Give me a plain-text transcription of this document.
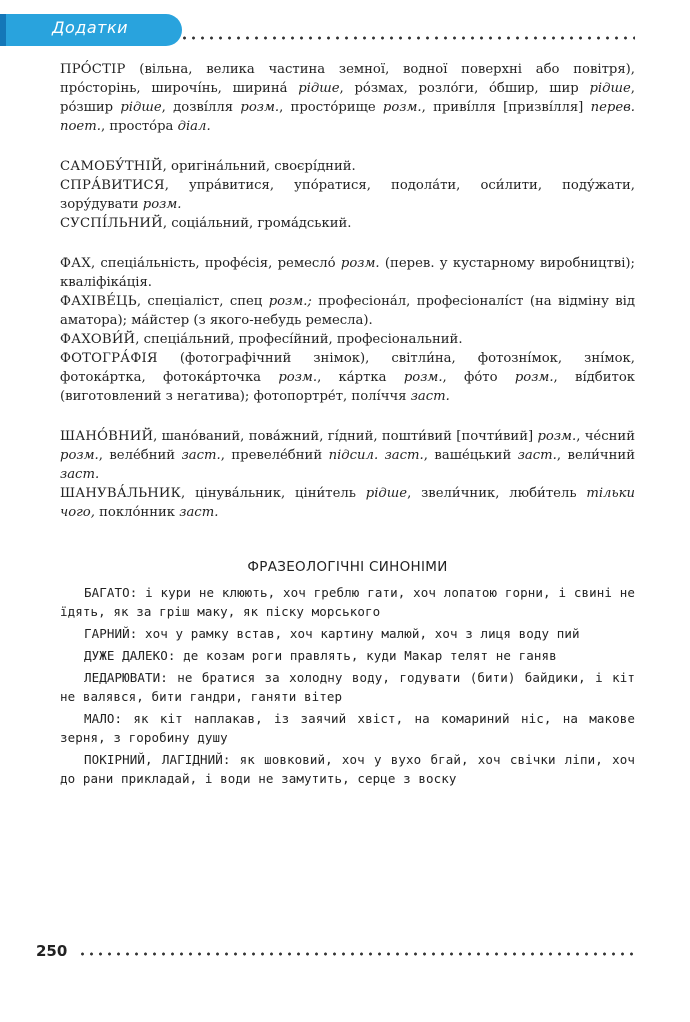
Додатки

ПРО́СТІР (вільна, велика частина земної, водної поверхні або повітря), про́сторінь, широчі́нь, ширина́ рідше, ро́змах, розло́ги, о́бшир, шир рідше, ро́зшир рідше, дозві́лля розм., просто́рище розм., приві́лля [призві́лля] перев. поет., просто́ра діал.

САМОБУ́ТНІЙ, оригіна́льний, своєрі́дний.

СПРА́ВИТИСЯ, упра́витися, упо́ратися, подола́ти, оси́лити, поду́жати, зору́дувати розм.

СУСПІ́ЛЬНИЙ, соціа́льний, грома́дський.

ФАХ, спеціа́льність, профе́сія, ремесло́ розм. (перев. у кустарному виробництві); кваліфіка́ція.

ФАХІВЕ́ЦЬ, спеціаліст, спец розм.; професіона́л, професіоналі́ст (на відміну від аматора); ма́йстер (з якого-небудь ремесла).

ФАХОВИ́Й, спеціа́льний, професі́йний, професіональний.

ФОТОГРА́ФІЯ (фотографічний знімок), світли́на, фотозні́мок, зні́мок, фотока́ртка, фотока́рточка розм., ка́ртка розм., фо́то розм., ві́дбиток (виготовлений з негатива); фотопортре́т, полі́ччя заст.

ШАНО́ВНИЙ, шано́ваний, пова́жний, гі́дний, пошти́вий [почти́вий] розм., че́сний розм., веле́бний заст., превеле́бний підсил. заст., ваше́цький заст., вели́чний заст.

ШАНУВА́ЛЬНИК, цінува́льник, ціни́тель рідше, звели́чник, люби́тель тільки чого, покло́нник заст.

ФРАЗЕОЛОГІЧНІ СИНОНІМИ

БАГАТО: і кури не клюють, хоч греблю гати, хоч лопатою горни, і свині не їдять, як за гріш маку, як піску морського

ГАРНИЙ: хоч у рамку встав, хоч картину малюй, хоч з лиця воду пий

ДУЖЕ ДАЛЕКО: де козам роги правлять, куди Макар телят не ганяв

ЛЕДАРЮВАТИ: не братися за холодну воду, годувати (бити) байдики, і кіт не валявся, бити гандри, ганяти вітер

МАЛО: як кіт наплакав, із заячий хвіст, на комариний ніс, на макове зерня, з горобину душу

ПОКІРНИЙ, ЛАГІДНИЙ: як шовковий, хоч у вухо бгай, хоч свічки ліпи, хоч до рани прикладай, і води не замутить, серце з воску

250
